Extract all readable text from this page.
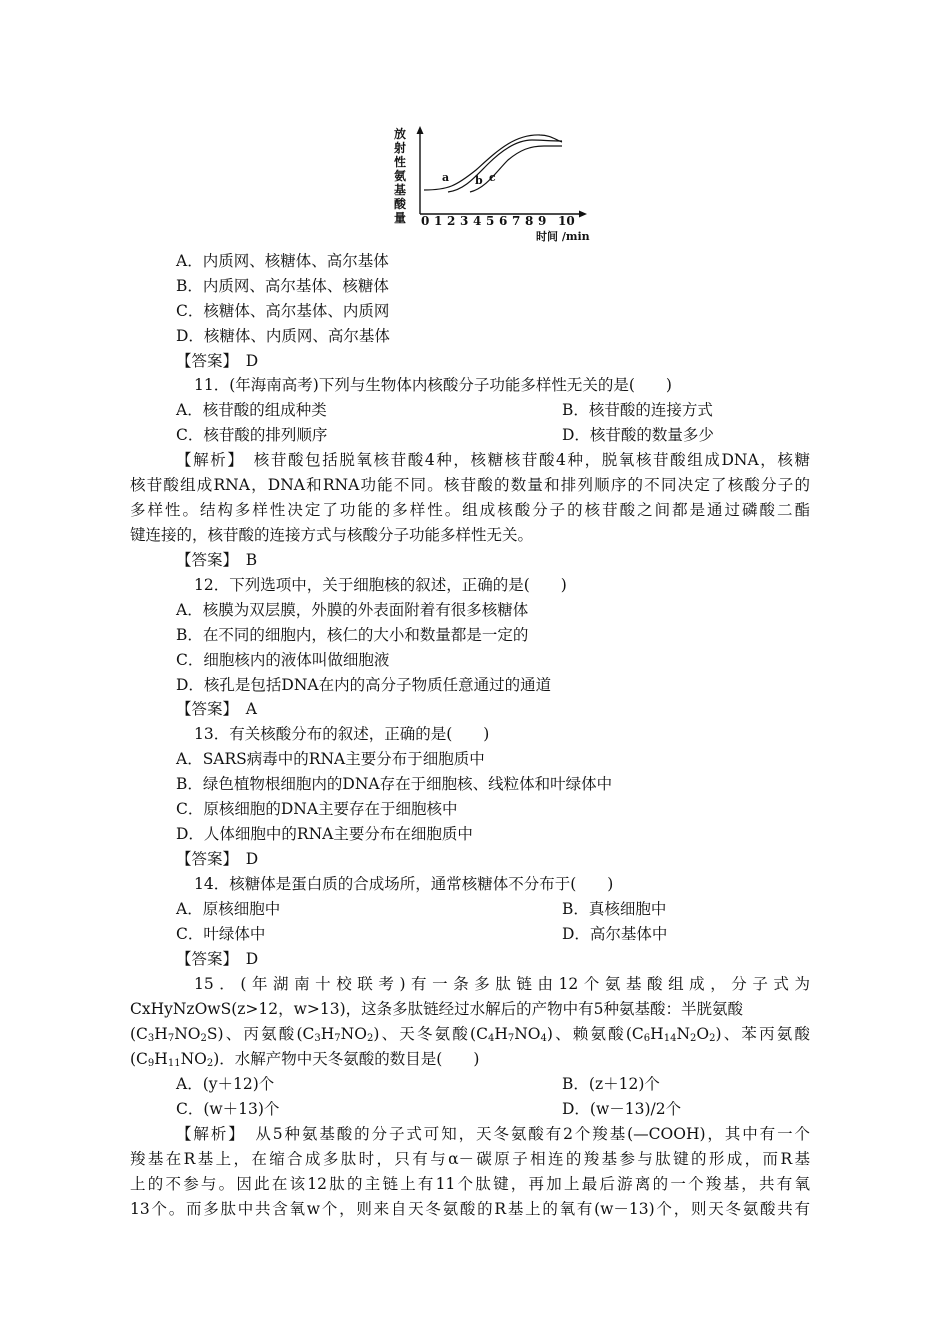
放
射
性
氨
基
酸
量
a b c
0 1 2 3 4 5 6 7 8 9 10
时间 /min
A．内质网、核糖体、高尔基体
B．内质网、高尔基体、核糖体
C．核糖体、高尔基体、内质网
D．核糖体、内质网、高尔基体
【答案】　D
11．(年海南高考)下列与生物体内核酸分子功能多样性无关的是(　　)
A．核苷酸的组成种类	B．核苷酸的连接方式
C．核苷酸的排列顺序	D．核苷酸的数量多少
【解析】　核苷酸包括脱氧核苷酸4种，核糖核苷酸4种，脱氧核苷酸组成DNA，核糖
核苷酸组成RNA，DNA和RNA功能不同。核苷酸的数量和排列顺序的不同决定了核酸分子的
多样性。结构多样性决定了功能的多样性。组成核酸分子的核苷酸之间都是通过磷酸二酯
键连接的，核苷酸的连接方式与核酸分子功能多样性无关。
【答案】　B
12．下列选项中，关于细胞核的叙述，正确的是(　　)
A．核膜为双层膜，外膜的外表面附着有很多核糖体
B．在不同的细胞内，核仁的大小和数量都是一定的
C．细胞核内的液体叫做细胞液
D．核孔是包括DNA在内的高分子物质任意通过的通道
【答案】　A
13．有关核酸分布的叙述，正确的是(　　)
A．SARS病毒中的RNA主要分布于细胞质中
B．绿色植物根细胞内的DNA存在于细胞核、线粒体和叶绿体中
C．原核细胞的DNA主要存在于细胞核中
D．人体细胞中的RNA主要分布在细胞质中
【答案】　D
14．核糖体是蛋白质的合成场所，通常核糖体不分布于(　　)
A．原核细胞中	B．真核细胞中
C．叶绿体中	D．高尔基体中
【答案】　D
15．(年湖南十校联考)有一条多肽链由12个氨基酸组成，分子式为
CxHyNzOwS(z>12，w>13)，这条多肽链经过水解后的产物中有5种氨基酸：半胱氨酸
$(C_3H_7NO_2S)$、丙氨酸$(C_3H_7NO_2)$、天冬氨酸$(C_4H_7NO_4)$、赖氨酸$(C_6H_{14}N_2O_2)$、苯丙氨酸
$(C_9H_{11}NO_2)$．水解产物中天冬氨酸的数目是(　　)
A．(y＋12)个	B．(z＋12)个
C．(w＋13)个	D．(w－13)/2个
【解析】　从5种氨基酸的分子式可知，天冬氨酸有2个羧基(—COOH)，其中有一个
羧基在R基上，在缩合成多肽时，只有与α－碳原子相连的羧基参与肽键的形成，而R基
上的不参与。因此在该12肽的主链上有11个肽键，再加上最后游离的一个羧基，共有氧
13个。而多肽中共含氧w个，则来自天冬氨酸的R基上的氧有(w－13)个，则天冬氨酸共有
